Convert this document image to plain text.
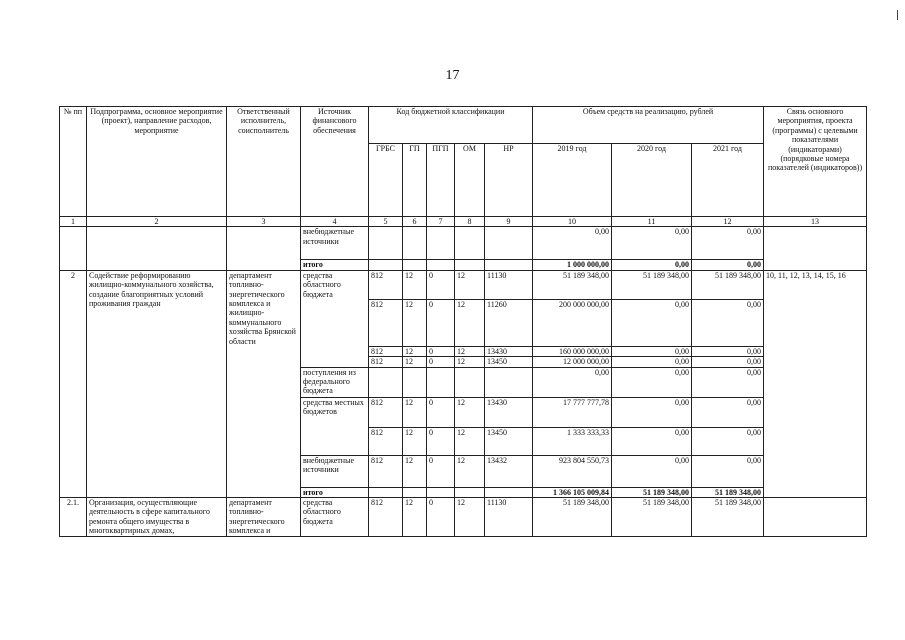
17
№ пп	Подпрограмма, основное мероприятие (проект), направление расходов, мероприятие	Ответственный исполнитель, соисполнитель	Источник финансового обеспечения	Код бюджетной классификации					Объем средств на реализацию, рублей			Связь основного мероприятия, проекта (программы) с целевыми показателями (индикаторами) (порядковые номера показателей (индикаторов))
				ГРБС	ГП	ПГП	ОМ	НР	2019 год	2020 год	2021 год	
1	2	3	4	5	6	7	8	9	10	11	12	13
			внебюджетные источники						0,00	0,00	0,00	
			итого						1 000 000,00	0,00	0,00	
2	Содействие реформированию жилищно-коммунального хозяйства, создание благоприятных условий проживания граждан	департамент топливно-энергетического комплекса и жилищно-коммунального хозяйства Брянской области	средства областного бюджета	812	12	0	12	11130	51 189 348,00	51 189 348,00	51 189 348,00	10, 11, 12, 13, 14, 15, 16
				812	12	0	12	11260	200 000 000,00	0,00	0,00	
				812	12	0	12	13430	160 000 000,00	0,00	0,00	
				812	12	0	12	13450	12 000 000,00	0,00	0,00	
			поступления из федерального бюджета						0,00	0,00	0,00	
			средства местных бюджетов	812	12	0	12	13430	17 777 777,78	0,00	0,00	
				812	12	0	12	13450	1 333 333,33	0,00	0,00	
			внебюджетные источники	812	12	0	12	13432	923 804 550,73	0,00	0,00	
			итого						1 366 105 009,84	51 189 348,00	51 189 348,00	
2.1.	Организация, осуществляющие деятельность в сфере капитального ремонта общего имущества в многоквартирных домах,	департамент топливно-энергетического комплекса и	средства областного бюджета	812	12	0	12	11130	51 189 348,00	51 189 348,00	51 189 348,00	
